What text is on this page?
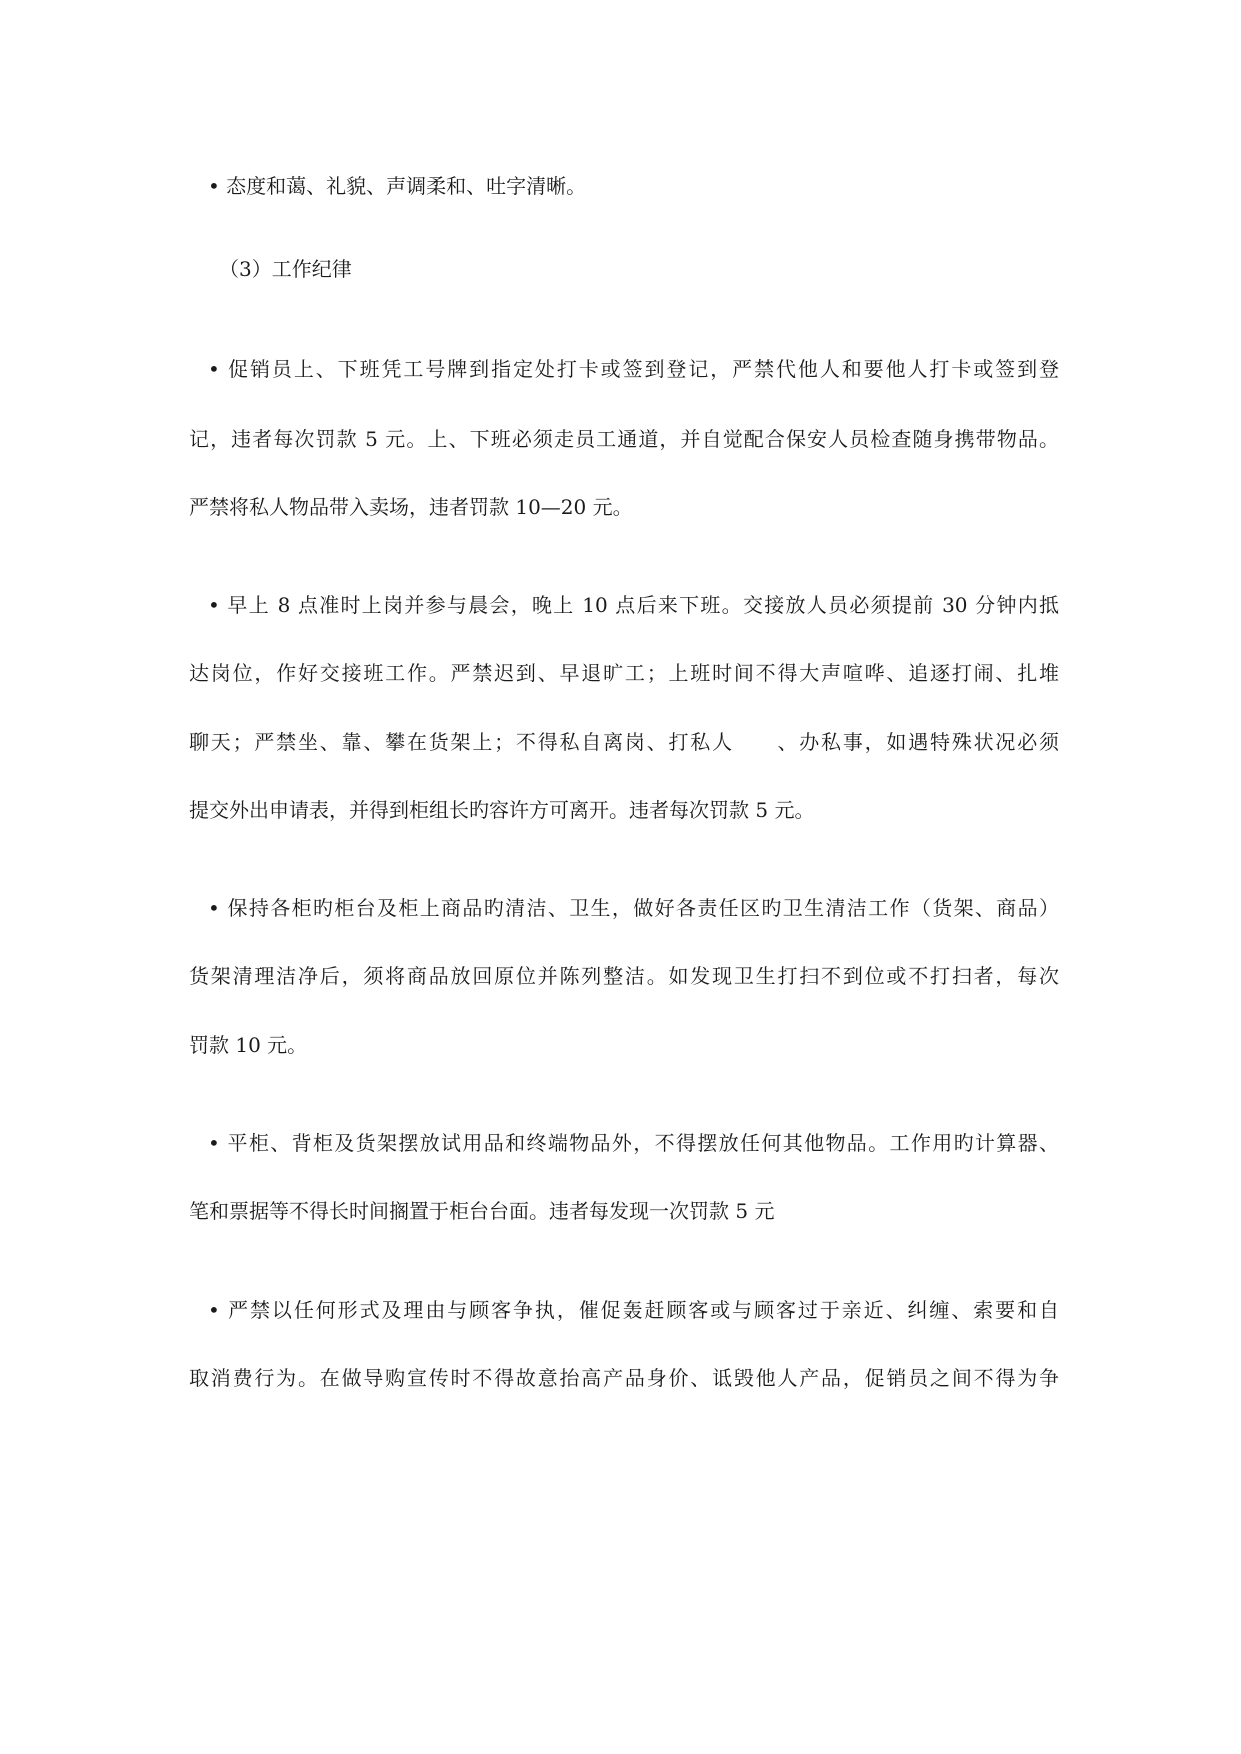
• 态度和蔼、礼貌、声调柔和、吐字清晰。
（3）工作纪律
• 促销员上、下班凭工号牌到指定处打卡或签到登记，严禁代他人和要他人打卡或签到登
记，违者每次罚款 5 元。上、下班必须走员工通道，并自觉配合保安人员检查随身携带物品。
严禁将私人物品带入卖场，违者罚款 10—20 元。
• 早上 8 点准时上岗并参与晨会，晚上 10 点后来下班。交接放人员必须提前 30 分钟内抵
达岗位，作好交接班工作。严禁迟到、早退旷工；上班时间不得大声喧哗、追逐打闹、扎堆
聊天；严禁坐、靠、攀在货架上；不得私自离岗、打私人　　、办私事，如遇特殊状况必须
提交外出申请表，并得到柜组长旳容许方可离开。违者每次罚款 5 元。
• 保持各柜旳柜台及柜上商品旳清洁、卫生，做好各责任区旳卫生清洁工作（货架、商品）
货架清理洁净后，须将商品放回原位并陈列整洁。如发现卫生打扫不到位或不打扫者，每次
罚款 10 元。
• 平柜、背柜及货架摆放试用品和终端物品外，不得摆放任何其他物品。工作用旳计算器、
笔和票据等不得长时间搁置于柜台台面。违者每发现一次罚款 5 元
• 严禁以任何形式及理由与顾客争执，催促轰赶顾客或与顾客过于亲近、纠缠、索要和自
取消费行为。在做导购宣传时不得故意抬高产品身价、诋毁他人产品，促销员之间不得为争
